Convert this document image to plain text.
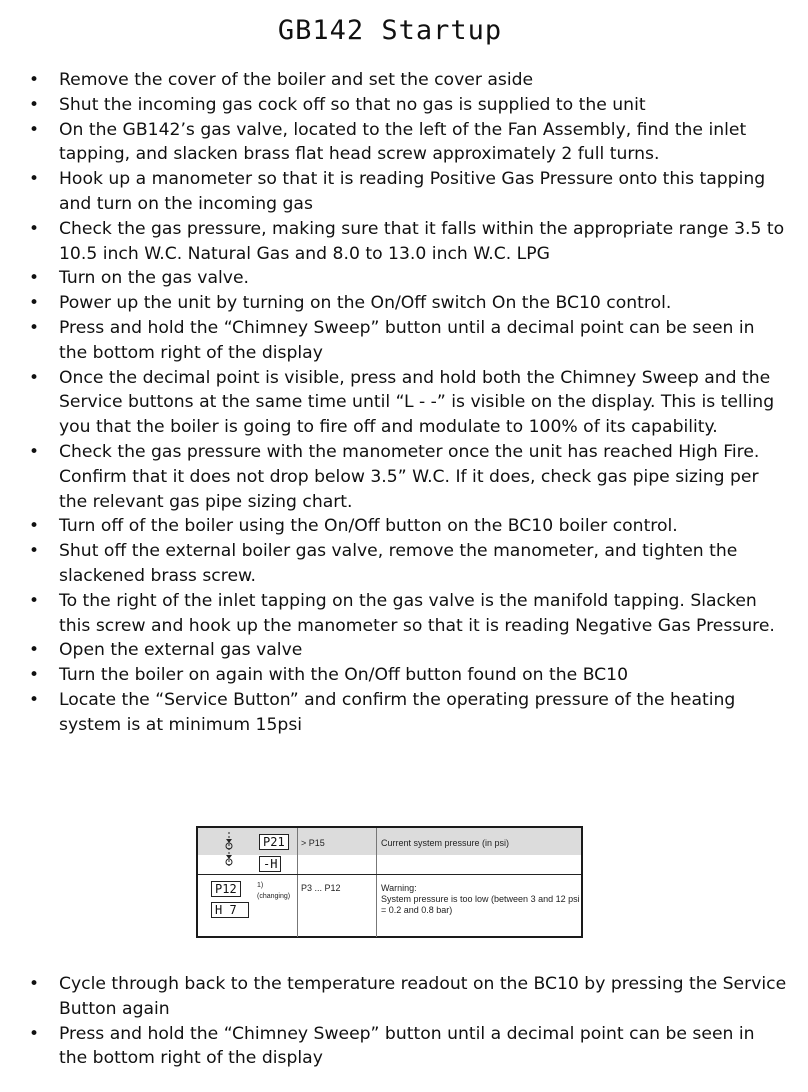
GB142 Startup
• Remove the cover of the boiler and set the cover aside
• Shut the incoming gas cock off so that no gas is supplied to the unit
• On the GB142’s gas valve, located to the left of the Fan Assembly, find the inlet tapping, and slacken brass flat head screw approximately 2 full turns.
• Hook up a manometer so that it is reading Positive Gas Pressure onto this tapping and turn on the incoming gas
• Check the gas pressure, making sure that it falls within the appropriate range 3.5 to 10.5 inch W.C. Natural Gas and 8.0 to 13.0 inch W.C. LPG
• Turn on the gas valve.
• Power up the unit by turning on the On/Off switch On the BC10 control.
• Press and hold the “Chimney Sweep” button until a decimal point can be seen in the bottom right of the display
• Once the decimal point is visible, press and hold both the Chimney Sweep and the Service buttons at the same time until “L - -” is visible on the display. This is telling you that the boiler is going to fire off and modulate to 100% of its capability.
• Check the gas pressure with the manometer once the unit has reached High Fire. Confirm that it does not drop below 3.5” W.C. If it does, check gas pipe sizing per the relevant gas pipe sizing chart.
• Turn off of the boiler using the On/Off button on the BC10 boiler control.
• Shut off the external boiler gas valve, remove the manometer, and tighten the slackened brass screw.
• To the right of the inlet tapping on the gas valve is the manifold tapping. Slacken this screw and hook up the manometer so that it is reading Negative Gas Pressure.
• Open the external gas valve
• Turn the boiler on again with the On/Off button found on the BC10
• Locate the “Service Button” and confirm the operating pressure of the heating system is at minimum 15psi
P21
-H
> P15	Current system pressure (in psi)
P12
H 7
1)
(changing)
P3 ... P12	Warning:
System pressure is too low (between 3 and 12 psi
= 0.2 and 0.8 bar)
• Cycle through back to the temperature readout on the BC10 by pressing the Service Button again
• Press and hold the “Chimney Sweep” button until a decimal point can be seen in the bottom right of the display
